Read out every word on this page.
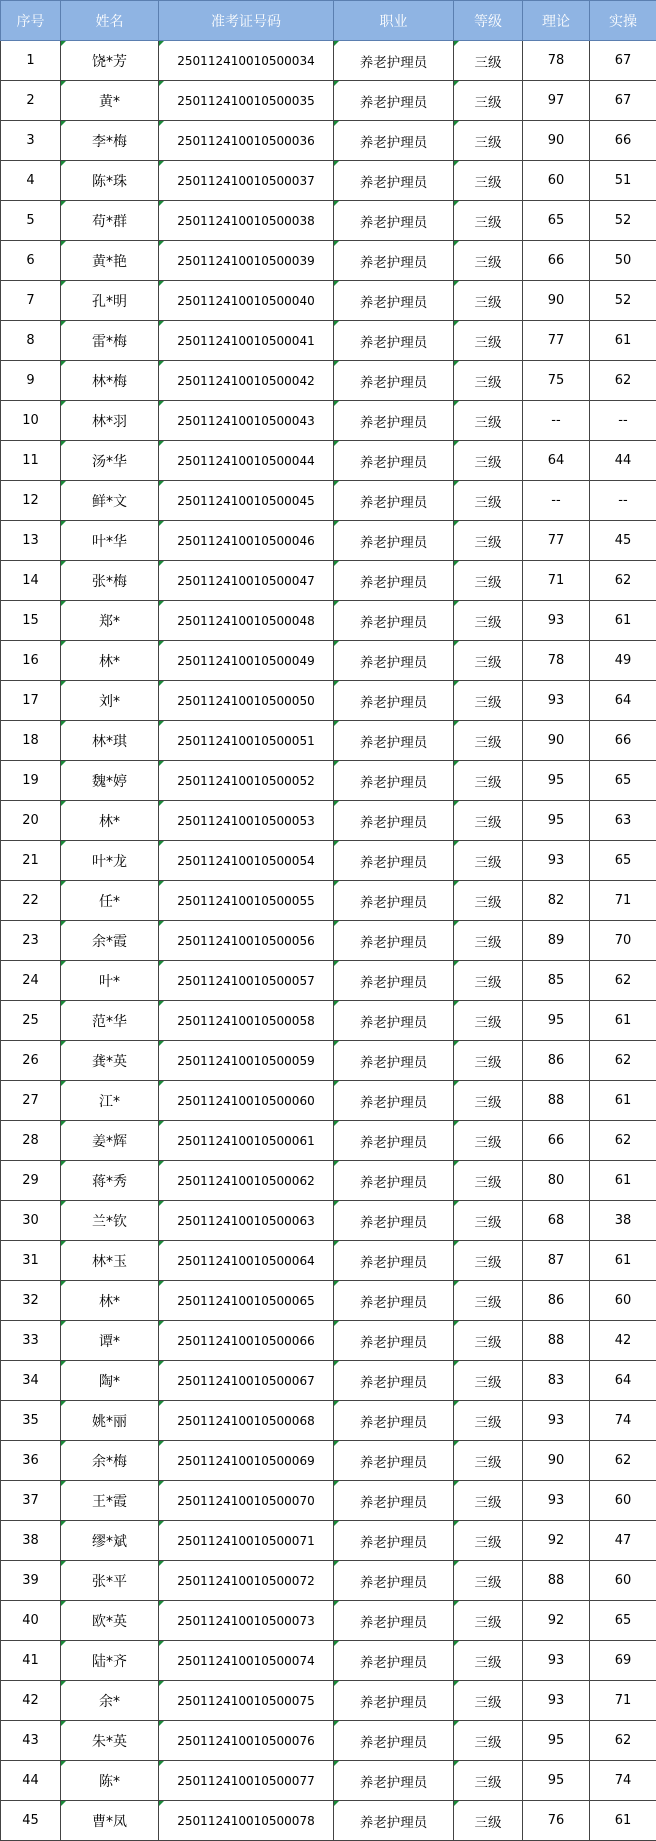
序号	姓名	准考证号码	职业	等级	理论	实操
1	饶*芳	250112410010500034	养老护理员	三级	78	67
2	黄*	250112410010500035	养老护理员	三级	97	67
3	李*梅	250112410010500036	养老护理员	三级	90	66
4	陈*珠	250112410010500037	养老护理员	三级	60	51
5	苟*群	250112410010500038	养老护理员	三级	65	52
6	黄*艳	250112410010500039	养老护理员	三级	66	50
7	孔*明	250112410010500040	养老护理员	三级	90	52
8	雷*梅	250112410010500041	养老护理员	三级	77	61
9	林*梅	250112410010500042	养老护理员	三级	75	62
10	林*羽	250112410010500043	养老护理员	三级	--	--
11	汤*华	250112410010500044	养老护理员	三级	64	44
12	鲜*文	250112410010500045	养老护理员	三级	--	--
13	叶*华	250112410010500046	养老护理员	三级	77	45
14	张*梅	250112410010500047	养老护理员	三级	71	62
15	郑*	250112410010500048	养老护理员	三级	93	61
16	林*	250112410010500049	养老护理员	三级	78	49
17	刘*	250112410010500050	养老护理员	三级	93	64
18	林*琪	250112410010500051	养老护理员	三级	90	66
19	魏*婷	250112410010500052	养老护理员	三级	95	65
20	林*	250112410010500053	养老护理员	三级	95	63
21	叶*龙	250112410010500054	养老护理员	三级	93	65
22	任*	250112410010500055	养老护理员	三级	82	71
23	余*霞	250112410010500056	养老护理员	三级	89	70
24	叶*	250112410010500057	养老护理员	三级	85	62
25	范*华	250112410010500058	养老护理员	三级	95	61
26	龚*英	250112410010500059	养老护理员	三级	86	62
27	江*	250112410010500060	养老护理员	三级	88	61
28	姜*辉	250112410010500061	养老护理员	三级	66	62
29	蒋*秀	250112410010500062	养老护理员	三级	80	61
30	兰*钦	250112410010500063	养老护理员	三级	68	38
31	林*玉	250112410010500064	养老护理员	三级	87	61
32	林*	250112410010500065	养老护理员	三级	86	60
33	谭*	250112410010500066	养老护理员	三级	88	42
34	陶*	250112410010500067	养老护理员	三级	83	64
35	姚*丽	250112410010500068	养老护理员	三级	93	74
36	余*梅	250112410010500069	养老护理员	三级	90	62
37	王*霞	250112410010500070	养老护理员	三级	93	60
38	缪*斌	250112410010500071	养老护理员	三级	92	47
39	张*平	250112410010500072	养老护理员	三级	88	60
40	欧*英	250112410010500073	养老护理员	三级	92	65
41	陆*齐	250112410010500074	养老护理员	三级	93	69
42	余*	250112410010500075	养老护理员	三级	93	71
43	朱*英	250112410010500076	养老护理员	三级	95	62
44	陈*	250112410010500077	养老护理员	三级	95	74
45	曹*凤	250112410010500078	养老护理员	三级	76	61
